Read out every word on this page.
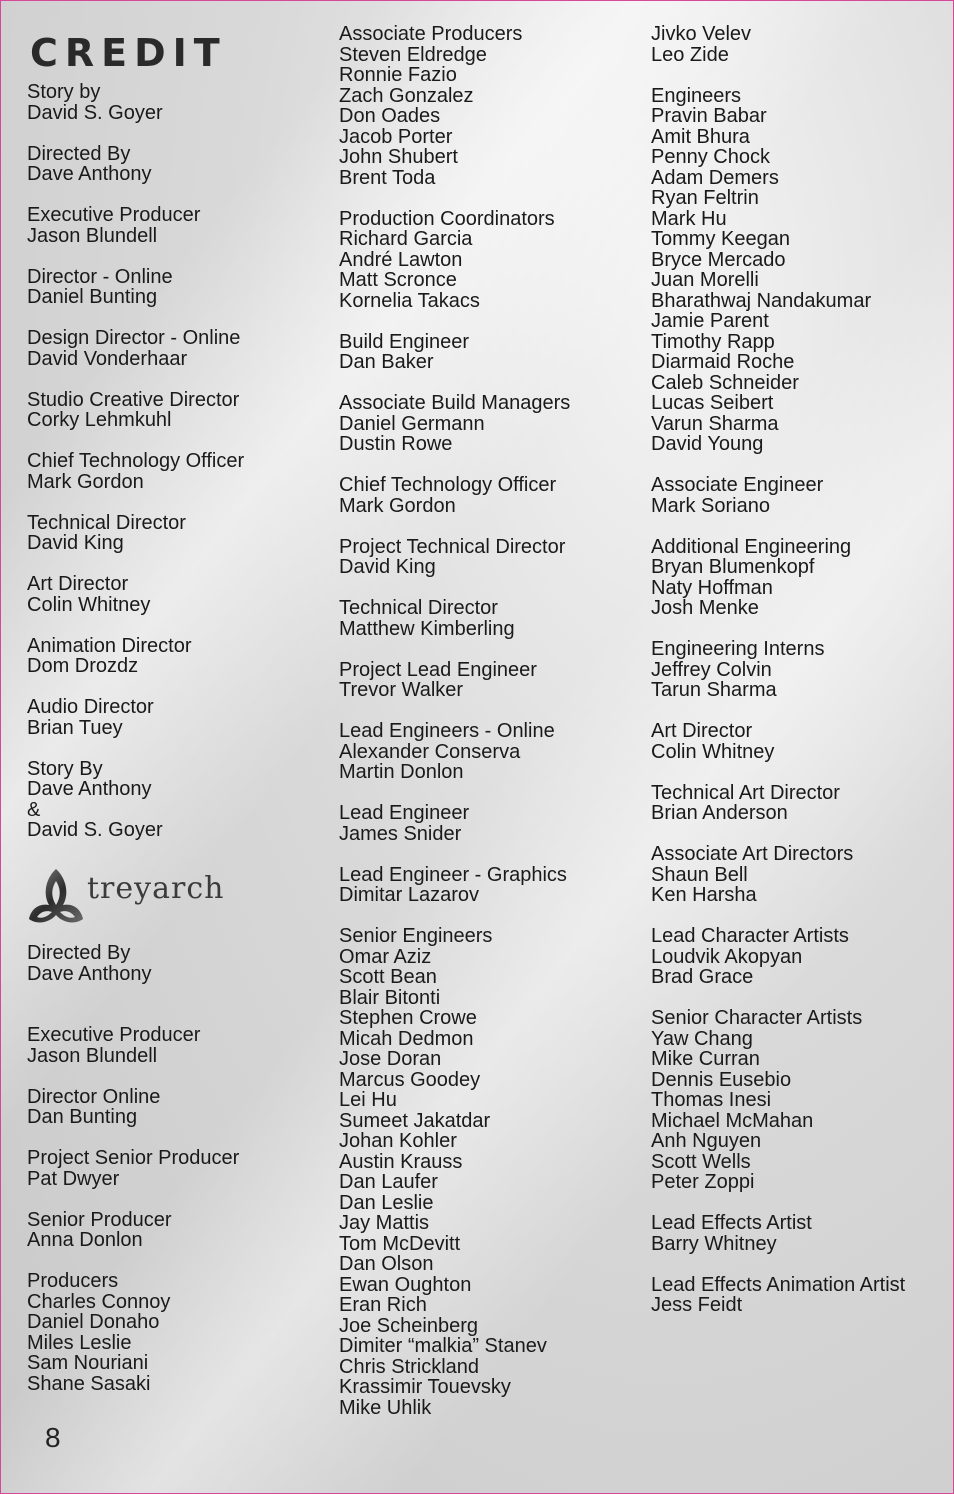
CREDIT
Story by
David S. Goyer
Directed By
Dave Anthony
Executive Producer
Jason Blundell
Director - Online
Daniel Bunting
Design Director - Online
David Vonderhaar
Studio Creative Director
Corky Lehmkuhl
Chief Technology Officer
Mark Gordon
Technical Director
David King
Art Director
Colin Whitney
Animation Director
Dom Drozdz
Audio Director
Brian Tuey
Story By
Dave Anthony
&
David S. Goyer
treyarch
Directed By
Dave Anthony

Executive Producer
Jason Blundell
Director Online
Dan Bunting
Project Senior Producer
Pat Dwyer
Senior Producer
Anna Donlon
Producers
Charles Connoy
Daniel Donaho
Miles Leslie
Sam Nouriani
Shane Sasaki
Associate Producers
Steven Eldredge
Ronnie Fazio
Zach Gonzalez
Don Oades
Jacob Porter
John Shubert
Brent Toda
Production Coordinators
Richard Garcia
André Lawton
Matt Scronce
Kornelia Takacs
Build Engineer
Dan Baker
Associate Build Managers
Daniel Germann
Dustin Rowe
Chief Technology Officer
Mark Gordon
Project Technical Director
David King
Technical Director
Matthew Kimberling
Project Lead Engineer
Trevor Walker
Lead Engineers - Online
Alexander Conserva
Martin Donlon
Lead Engineer
James Snider
Lead Engineer - Graphics
Dimitar Lazarov
Senior Engineers
Omar Aziz
Scott Bean
Blair Bitonti
Stephen Crowe
Micah Dedmon
Jose Doran
Marcus Goodey
Lei Hu
Sumeet Jakatdar
Johan Kohler
Austin Krauss
Dan Laufer
Dan Leslie
Jay Mattis
Tom McDevitt
Dan Olson
Ewan Oughton
Eran Rich
Joe Scheinberg
Dimiter “malkia” Stanev
Chris Strickland
Krassimir Touevsky
Mike Uhlik
Jivko Velev
Leo Zide
Engineers
Pravin Babar
Amit Bhura
Penny Chock
Adam Demers
Ryan Feltrin
Mark Hu
Tommy Keegan
Bryce Mercado
Juan Morelli
Bharathwaj Nandakumar
Jamie Parent
Timothy Rapp
Diarmaid Roche
Caleb Schneider
Lucas Seibert
Varun Sharma
David Young
Associate Engineer
Mark Soriano
Additional Engineering
Bryan Blumenkopf
Naty Hoffman
Josh Menke
Engineering Interns
Jeffrey Colvin
Tarun Sharma
Art Director
Colin Whitney
Technical Art Director
Brian Anderson
Associate Art Directors
Shaun Bell
Ken Harsha
Lead Character Artists
Loudvik Akopyan
Brad Grace
Senior Character Artists
Yaw Chang
Mike Curran
Dennis Eusebio
Thomas Inesi
Michael McMahan
Anh Nguyen
Scott Wells
Peter Zoppi
Lead Effects Artist
Barry Whitney
Lead Effects Animation Artist
Jess Feidt
8
